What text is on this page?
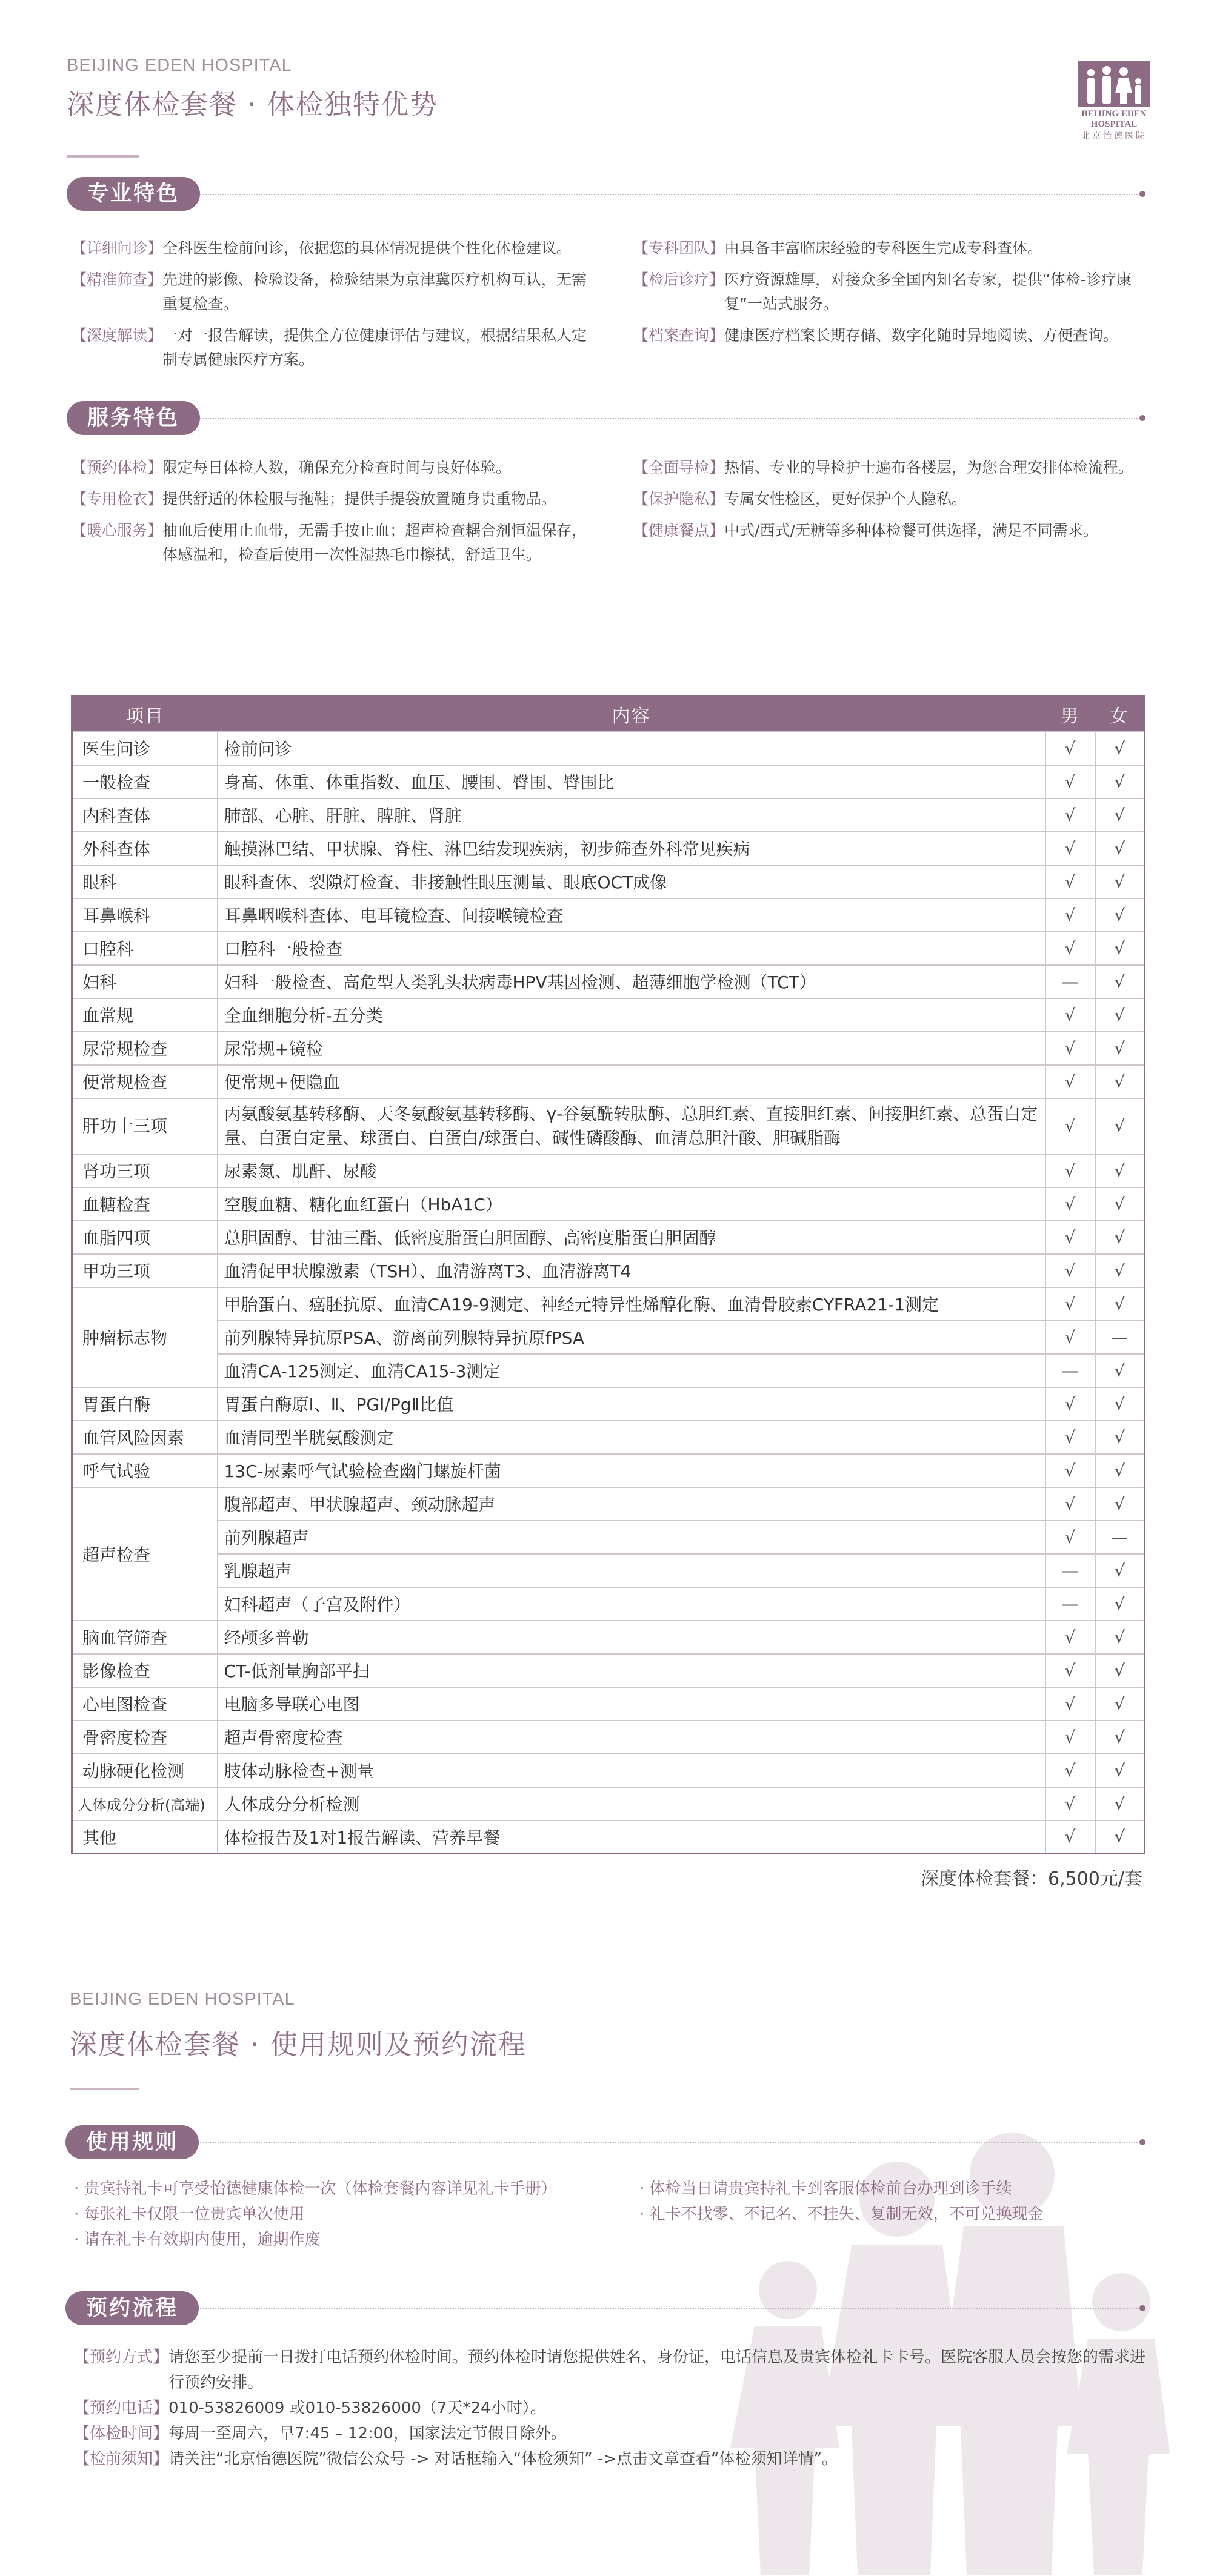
BEIJING EDEN HOSPITAL
深度体检套餐 · 体检独特优势	BEIJING EDEN HOSPITAL
北京怡德医院
专业特色
【详细问诊】 全科医生检前问诊，依据您的具体情况提供个性化体检建议。
【精准筛查】 先进的影像、检验设备，检验结果为京津冀医疗机构互认，无需重复检查。
【深度解读】 一对一报告解读，提供全方位健康评估与建议，根据结果私人定制专属健康医疗方案。
【专科团队】 由具备丰富临床经验的专科医生完成专科查体。
【检后诊疗】 医疗资源雄厚，对接众多全国内知名专家，提供“体检-诊疗康复”一站式服务。
【档案查询】 健康医疗档案长期存储、数字化随时异地阅读、方便查询。
服务特色
【预约体检】 限定每日体检人数，确保充分检查时间与良好体验。
【专用检衣】 提供舒适的体检服与拖鞋；提供手提袋放置随身贵重物品。
【暖心服务】 抽血后使用止血带，无需手按止血；超声检查耦合剂恒温保存，体感温和，检查后使用一次性湿热毛巾擦拭，舒适卫生。
【全面导检】 热情、专业的导检护士遍布各楼层，为您合理安排体检流程。
【保护隐私】 专属女性检区，更好保护个人隐私。
【健康餐点】 中式/西式/无糖等多种体检餐可供选择，满足不同需求。
项目	内容	男	女
医生问诊	检前问诊	√	√
一般检查	身高、体重、体重指数、血压、腰围、臀围、臀围比	√	√
内科查体	肺部、心脏、肝脏、脾脏、肾脏	√	√
外科查体	触摸淋巴结、甲状腺、脊柱、淋巴结发现疾病，初步筛查外科常见疾病	√	√
眼科	眼科查体、裂隙灯检查、非接触性眼压测量、眼底OCT成像	√	√
耳鼻喉科	耳鼻咽喉科查体、电耳镜检查、间接喉镜检查	√	√
口腔科	口腔科一般检查	√	√
妇科	妇科一般检查、高危型人类乳头状病毒HPV基因检测、超薄细胞学检测（TCT）	—	√
血常规	全血细胞分析-五分类	√	√
尿常规检查	尿常规+镜检	√	√
便常规检查	便常规+便隐血	√	√
肝功十三项	丙氨酸氨基转移酶、天冬氨酸氨基转移酶、γ-谷氨酰转肽酶、总胆红素、直接胆红素、间接胆红素、总蛋白定量、白蛋白定量、球蛋白、白蛋白/球蛋白、碱性磷酸酶、血清总胆汁酸、胆碱脂酶	√	√
肾功三项	尿素氮、肌酐、尿酸	√	√
血糖检查	空腹血糖、糖化血红蛋白（HbA1C）	√	√
血脂四项	总胆固醇、甘油三酯、低密度脂蛋白胆固醇、高密度脂蛋白胆固醇	√	√
甲功三项	血清促甲状腺激素（TSH）、血清游离T3、血清游离T4	√	√
肿瘤标志物	甲胎蛋白、癌胚抗原、血清CA19-9测定、神经元特异性烯醇化酶、血清骨胶素CYFRA21-1测定	√	√
	前列腺特异抗原PSA、游离前列腺特异抗原fPSA	√	—
	血清CA-125测定、血清CA15-3测定	—	√
胃蛋白酶	胃蛋白酶原Ⅰ、Ⅱ、PGⅠ/PgⅡ比值	√	√
血管风险因素	血清同型半胱氨酸测定	√	√
呼气试验	13C-尿素呼气试验检查幽门螺旋杆菌	√	√
超声检查	腹部超声、甲状腺超声、颈动脉超声	√	√
	前列腺超声	√	—
	乳腺超声	—	√
	妇科超声（子宫及附件）	—	√
脑血管筛查	经颅多普勒	√	√
影像检查	CT-低剂量胸部平扫	√	√
心电图检查	电脑多导联心电图	√	√
骨密度检查	超声骨密度检查	√	√
动脉硬化检测	肢体动脉检查+测量	√	√
人体成分分析(高端)	人体成分分析检测	√	√
其他	体检报告及1对1报告解读、营养早餐	√	√
深度体检套餐：6,500元/套
BEIJING EDEN HOSPITAL
深度体检套餐 · 使用规则及预约流程
使用规则
· 贵宾持礼卡可享受怡德健康体检一次（体检套餐内容详见礼卡手册）
· 每张礼卡仅限一位贵宾单次使用
· 请在礼卡有效期内使用，逾期作废
· 体检当日请贵宾持礼卡到客服体检前台办理到诊手续
· 礼卡不找零、不记名、不挂失、复制无效，不可兑换现金
预约流程
【预约方式】 请您至少提前一日拨打电话预约体检时间。预约体检时请您提供姓名、身份证，电话信息及贵宾体检礼卡卡号。医院客服人员会按您的需求进行预约安排。
【预约电话】010-53826009 或010-53826000（7天*24小时）。
【体检时间】每周一至周六，早7:45 – 12:00，国家法定节假日除外。
【检前须知】请关注“北京怡德医院”微信公众号 -> 对话框输入“体检须知” ->点击文章查看“体检须知详情”。
